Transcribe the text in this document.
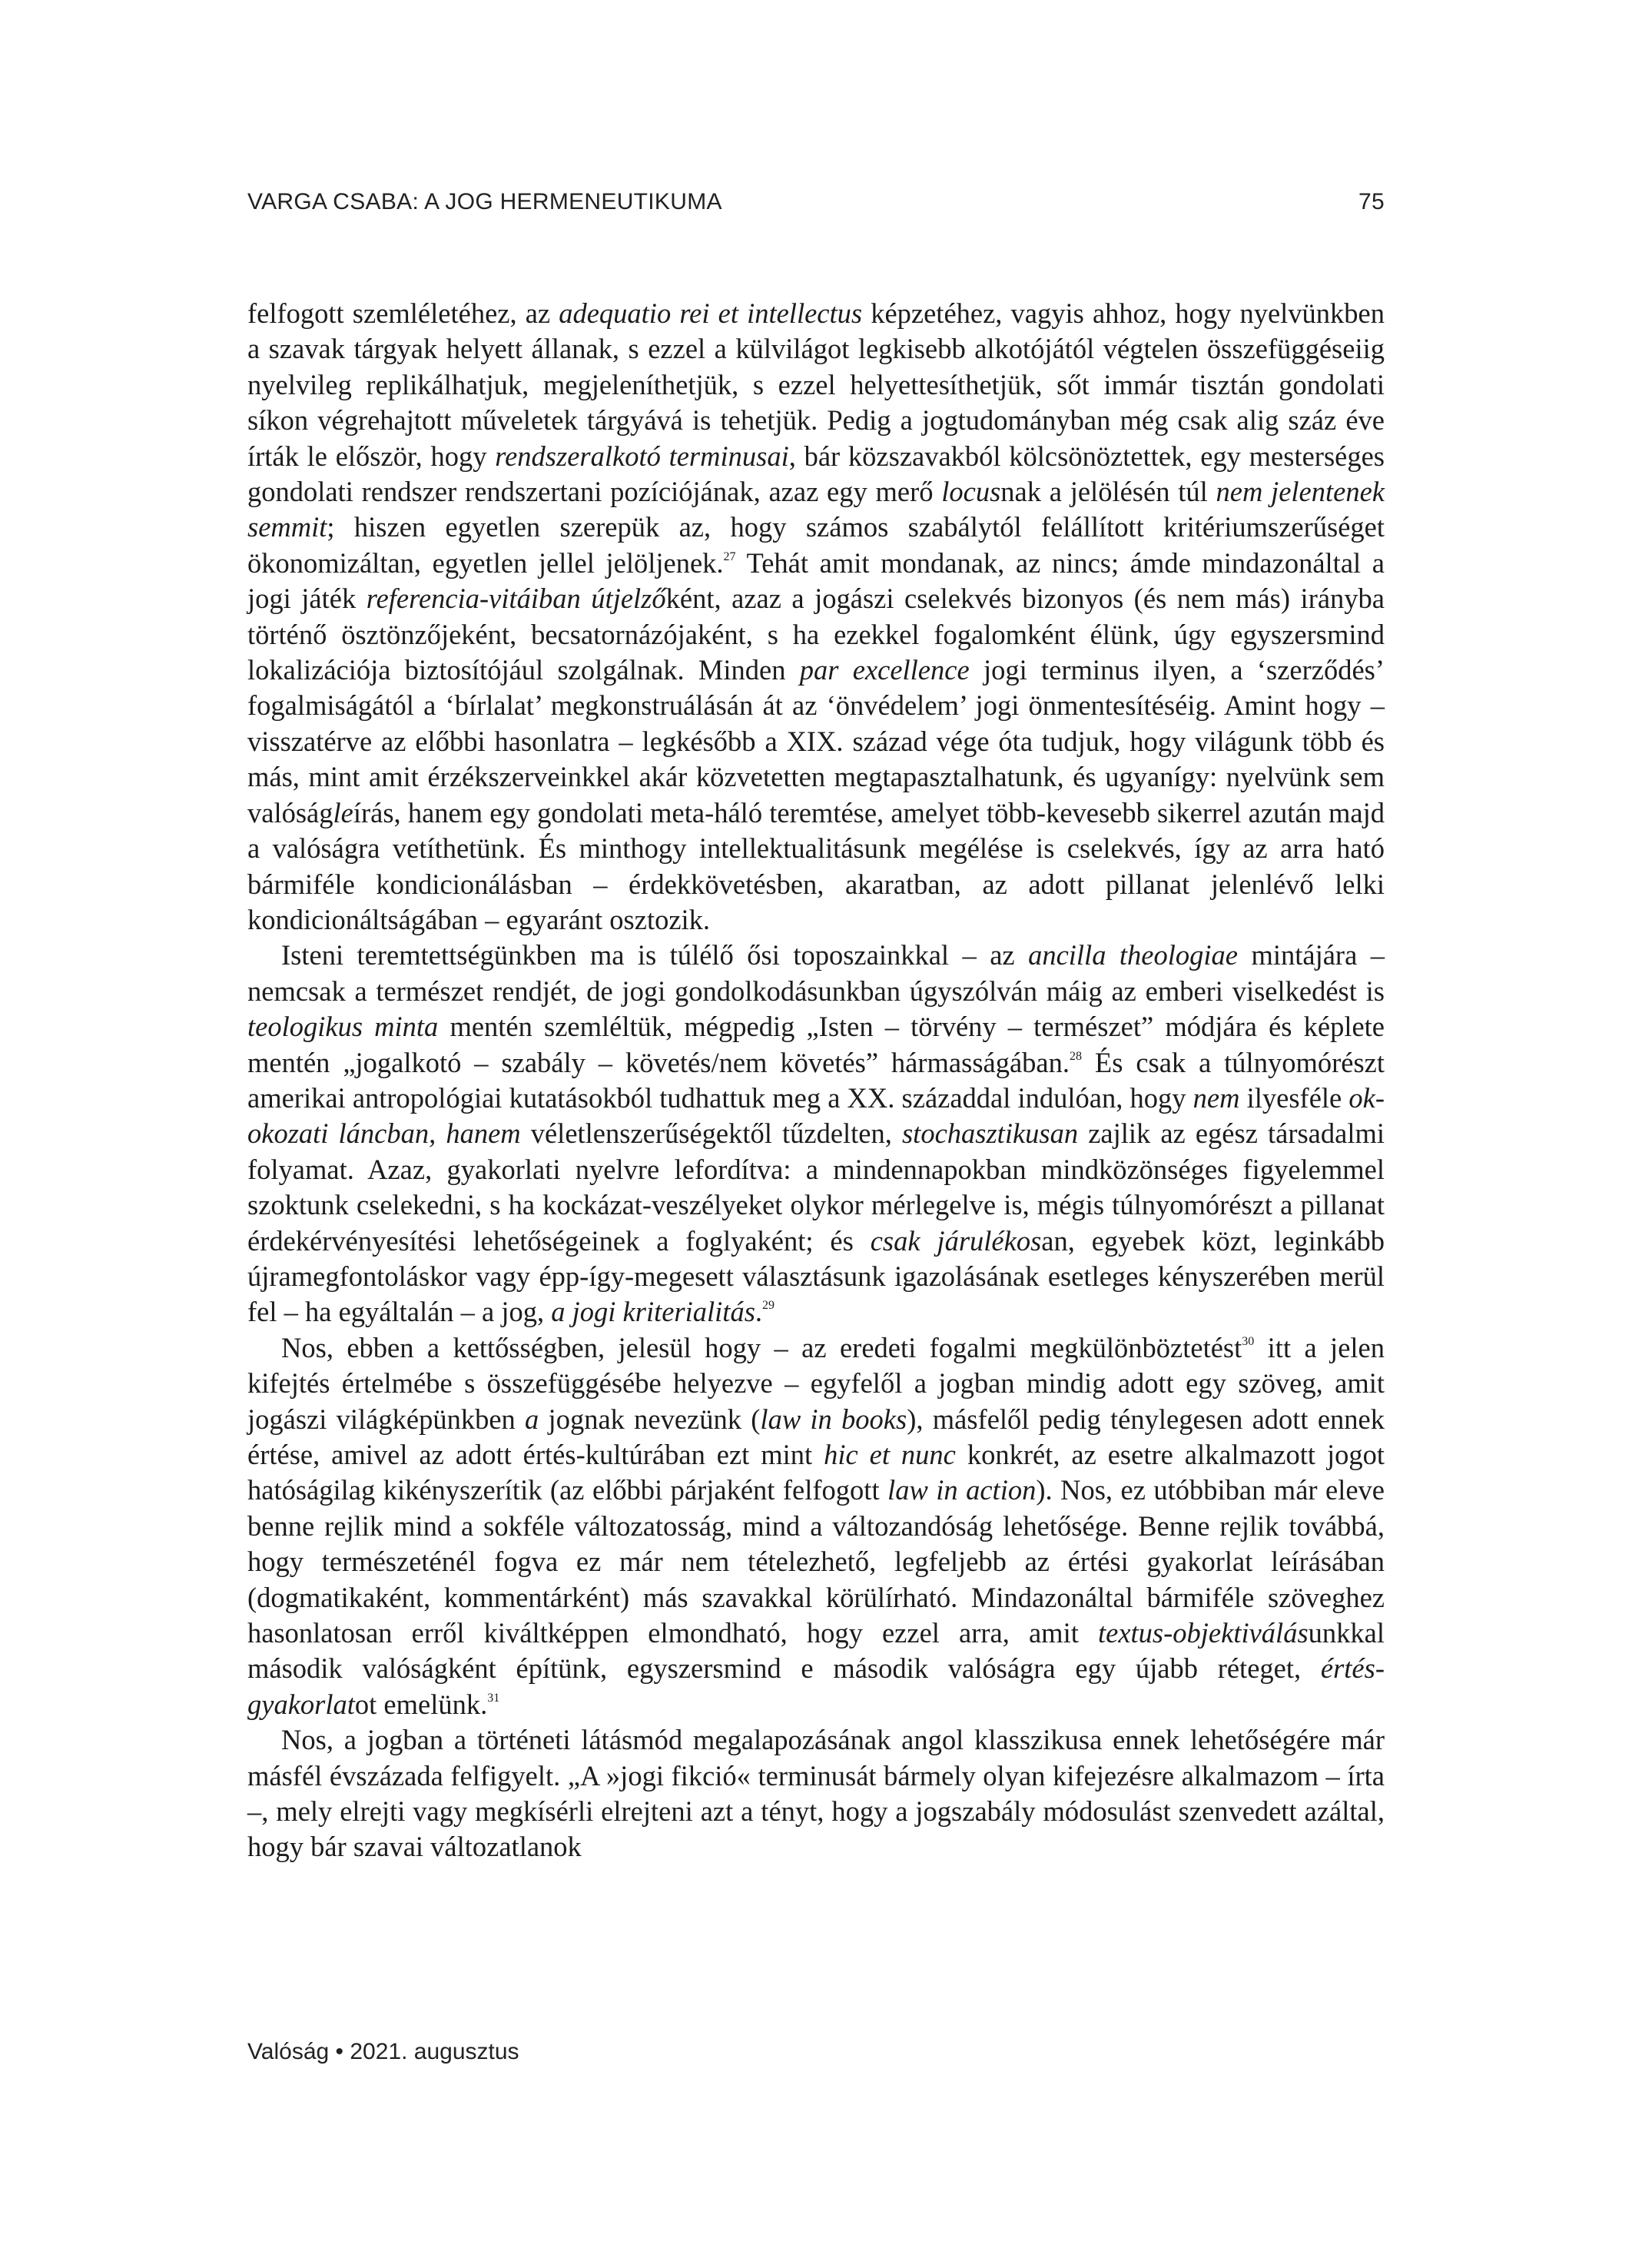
VARGA CSABA: A JOG HERMENEUTIKUMA	75

felfogott szemléletéhez, az adequatio rei et intellectus képzetéhez, vagyis ahhoz, hogy nyelvünkben a szavak tárgyak helyett állanak, s ezzel a külvilágot legkisebb alkotójától végtelen összefüggéseiig nyelvileg replikálhatjuk, megjeleníthetjük, s ezzel helyettesíthetjük, sőt immár tisztán gondolati síkon végrehajtott műveletek tárgyává is tehetjük. Pedig a jogtudományban még csak alig száz éve írták le először, hogy rendszeralkotó terminusai, bár közszavakból kölcsönöztettek, egy mesterséges gondolati rendszer rendszertani pozíciójának, azaz egy merő locusnak a jelölésén túl nem jelentenek semmit; hiszen egyetlen szerepük az, hogy számos szabálytól felállított kritériumszerűséget ökonomizáltan, egyetlen jellel jelöljenek.$^{27}$ Tehát amit mondanak, az nincs; ámde mindazonáltal a jogi játék referencia-vitáiban útjelzőként, azaz a jogászi cselekvés bizonyos (és nem más) irányba történő ösztönzőjeként, becsatornázójaként, s ha ezekkel fogalomként élünk, úgy egyszersmind lokalizációja biztosítójául szolgálnak. Minden par excellence jogi terminus ilyen, a ‘szerződés’ fogalmiságától a ‘bírlalat’ megkonstruálásán át az ‘önvédelem’ jogi önmentesítéséig. Amint hogy – visszatérve az előbbi hasonlatra – legkésőbb a XIX. század vége óta tudjuk, hogy világunk több és más, mint amit érzékszerveinkkel akár közvetetten megtapasztalhatunk, és ugyanígy: nyelvünk sem valóságleírás, hanem egy gondolati meta-háló teremtése, amelyet több-kevesebb sikerrel azután majd a valóságra vetíthetünk. És minthogy intellektualitásunk megélése is cselekvés, így az arra ható bármiféle kondicionálásban – érdekkövetésben, akaratban, az adott pillanat jelenlévő lelki kondicionáltságában – egyaránt osztozik.

Isteni teremtettségünkben ma is túlélő ősi toposzainkkal – az ancilla theologiae mintájára – nemcsak a természet rendjét, de jogi gondolkodásunkban úgyszólván máig az emberi viselkedést is teologikus minta mentén szemléltük, mégpedig „Isten – törvény – természet” módjára és képlete mentén „jogalkotó – szabály – követés/nem követés” hármasságában.$^{28}$ És csak a túlnyomórészt amerikai antropológiai kutatásokból tudhattuk meg a XX. századdal indulóan, hogy nem ilyesféle ok-okozati láncban, hanem véletlenszerűségektől tűzdelten, stochasztikusan zajlik az egész társadalmi folyamat. Azaz, gyakorlati nyelvre lefordítva: a mindennapokban mindközönséges figyelemmel szoktunk cselekedni, s ha kockázat-veszélyeket olykor mérlegelve is, mégis túlnyomórészt a pillanat érdekérvényesítési lehetőségeinek a foglyaként; és csak járulékosan, egyebek közt, leginkább újramegfontoláskor vagy épp-így-megesett választásunk igazolásának esetleges kényszerében merül fel – ha egyáltalán – a jog, a jogi kriterialitás.$^{29}$

Nos, ebben a kettősségben, jelesül hogy – az eredeti fogalmi megkülönböztetést$^{30}$ itt a jelen kifejtés értelmébe s összefüggésébe helyezve – egyfelől a jogban mindig adott egy szöveg, amit jogászi világképünkben a jognak nevezünk (law in books), másfelől pedig ténylegesen adott ennek értése, amivel az adott értés-kultúrában ezt mint hic et nunc konkrét, az esetre alkalmazott jogot hatóságilag kikényszerítik (az előbbi párjaként felfogott law in action). Nos, ez utóbbiban már eleve benne rejlik mind a sokféle változatosság, mind a változandóság lehetősége. Benne rejlik továbbá, hogy természeténél fogva ez már nem tételezhető, legfeljebb az értési gyakorlat leírásában (dogmatikaként, kommentárként) más szavakkal körülírható. Mindazonáltal bármiféle szöveghez hasonlatosan erről kiváltképpen elmondható, hogy ezzel arra, amit textus-objektiválásunkkal második valóságként építünk, egyszersmind e második valóságra egy újabb réteget, értés-gyakorlatot emelünk.$^{31}$

Nos, a jogban a történeti látásmód megalapozásának angol klasszikusa ennek lehetőségére már másfél évszázada felfigyelt. „A »jogi fikció« terminusát bármely olyan kifejezésre alkalmazom – írta –, mely elrejti vagy megkísérli elrejteni azt a tényt, hogy a jogszabály módosulást szenvedett azáltal, hogy bár szavai változatlanok

Valóság • 2021. augusztus
